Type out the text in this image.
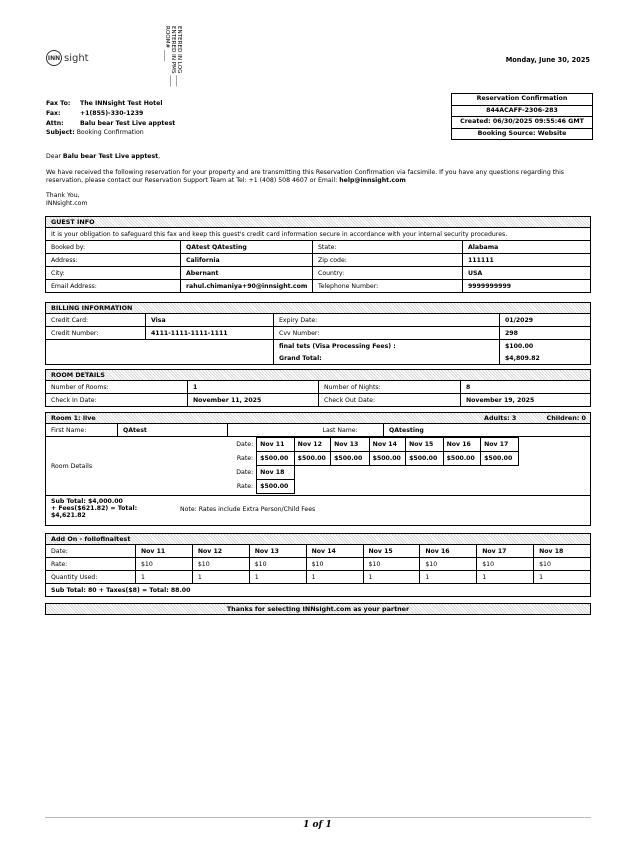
INN sight	ENTERED IN LOG ____
ENTERED IN PMS ____
ROOM# ____	Monday, June 30, 2025
Reservation Confirmation
844ACAFF-2306-283
Created: 06/30/2025 09:55:46 GMT
Booking Source: Website
Fax To: The INNsight Test Hotel
Fax:	+1(855)-330-1239
Attn:	Balu bear Test Live apptest
Subject: Booking Confirmation
Dear Balu bear Test Live apptest,
We have received the following reservation for your property and are transmitting this Reservation Confirmation via facsimile. If you have any questions regarding this reservation, please contact our Reservation Support Team at Tel: +1 (408) 508 4607 or Email: help@innsight.com
Thank You,
INNsight.com
GUEST INFO			
It is your obligation to safeguard this fax and keep this guest's credit card information secure in accordance with your internal security procedures.			
Booked by:	QAtest QAtesting	State:	Alabama
Address:	California	Zip code:	111111
City:	Abernant	Country:	USA
Email Address:	rahul.chimaniya+90@innsight.com	Telephone Number:	9999999999
BILLING INFORMATION			
Credit Card:	Visa	Expiry Date:	01/2029
Credit Number:	4111-1111-1111-1111	Cvv Number:	298
		final tets (Visa Processing Fees) :	$100.00
		Grand Total:	$4,809.82
ROOM DETAILS			
Number of Rooms:	1	Number of Nights:	8
Check In Date:	November 11, 2025	Check Out Date:	November 19, 2025
Room 1: live	Adults: 3	Children: 0

First Name:	QAtest		Last Name:	QAtesting
Room Details	
Date:	Nov 11	Nov 12	Nov 13	Nov 14	Nov 15	Nov 16	Nov 17	
Rate:	$500.00	$500.00	$500.00	$500.00	$500.00	$500.00	$500.00	
Date:	Nov 18	
Rate:	$500.00	

Sub Total: $4,000.00
+ Fees($621.82) = Total:
$4,621.82
Note: Rates include Extra Person/Child Fees
Add On - follofinaltest								
Date:	Nov 11	Nov 12	Nov 13	Nov 14	Nov 15	Nov 16	Nov 17	Nov 18
Rate:	$10	$10	$10	$10	$10	$10	$10	$10
Quantity Used:	1	1	1	1	1	1	1	1
Sub Total: 80 + Taxes($8) = Total: 88.00								
Thanks for selecting INNsight.com as your partner
1 of 1
